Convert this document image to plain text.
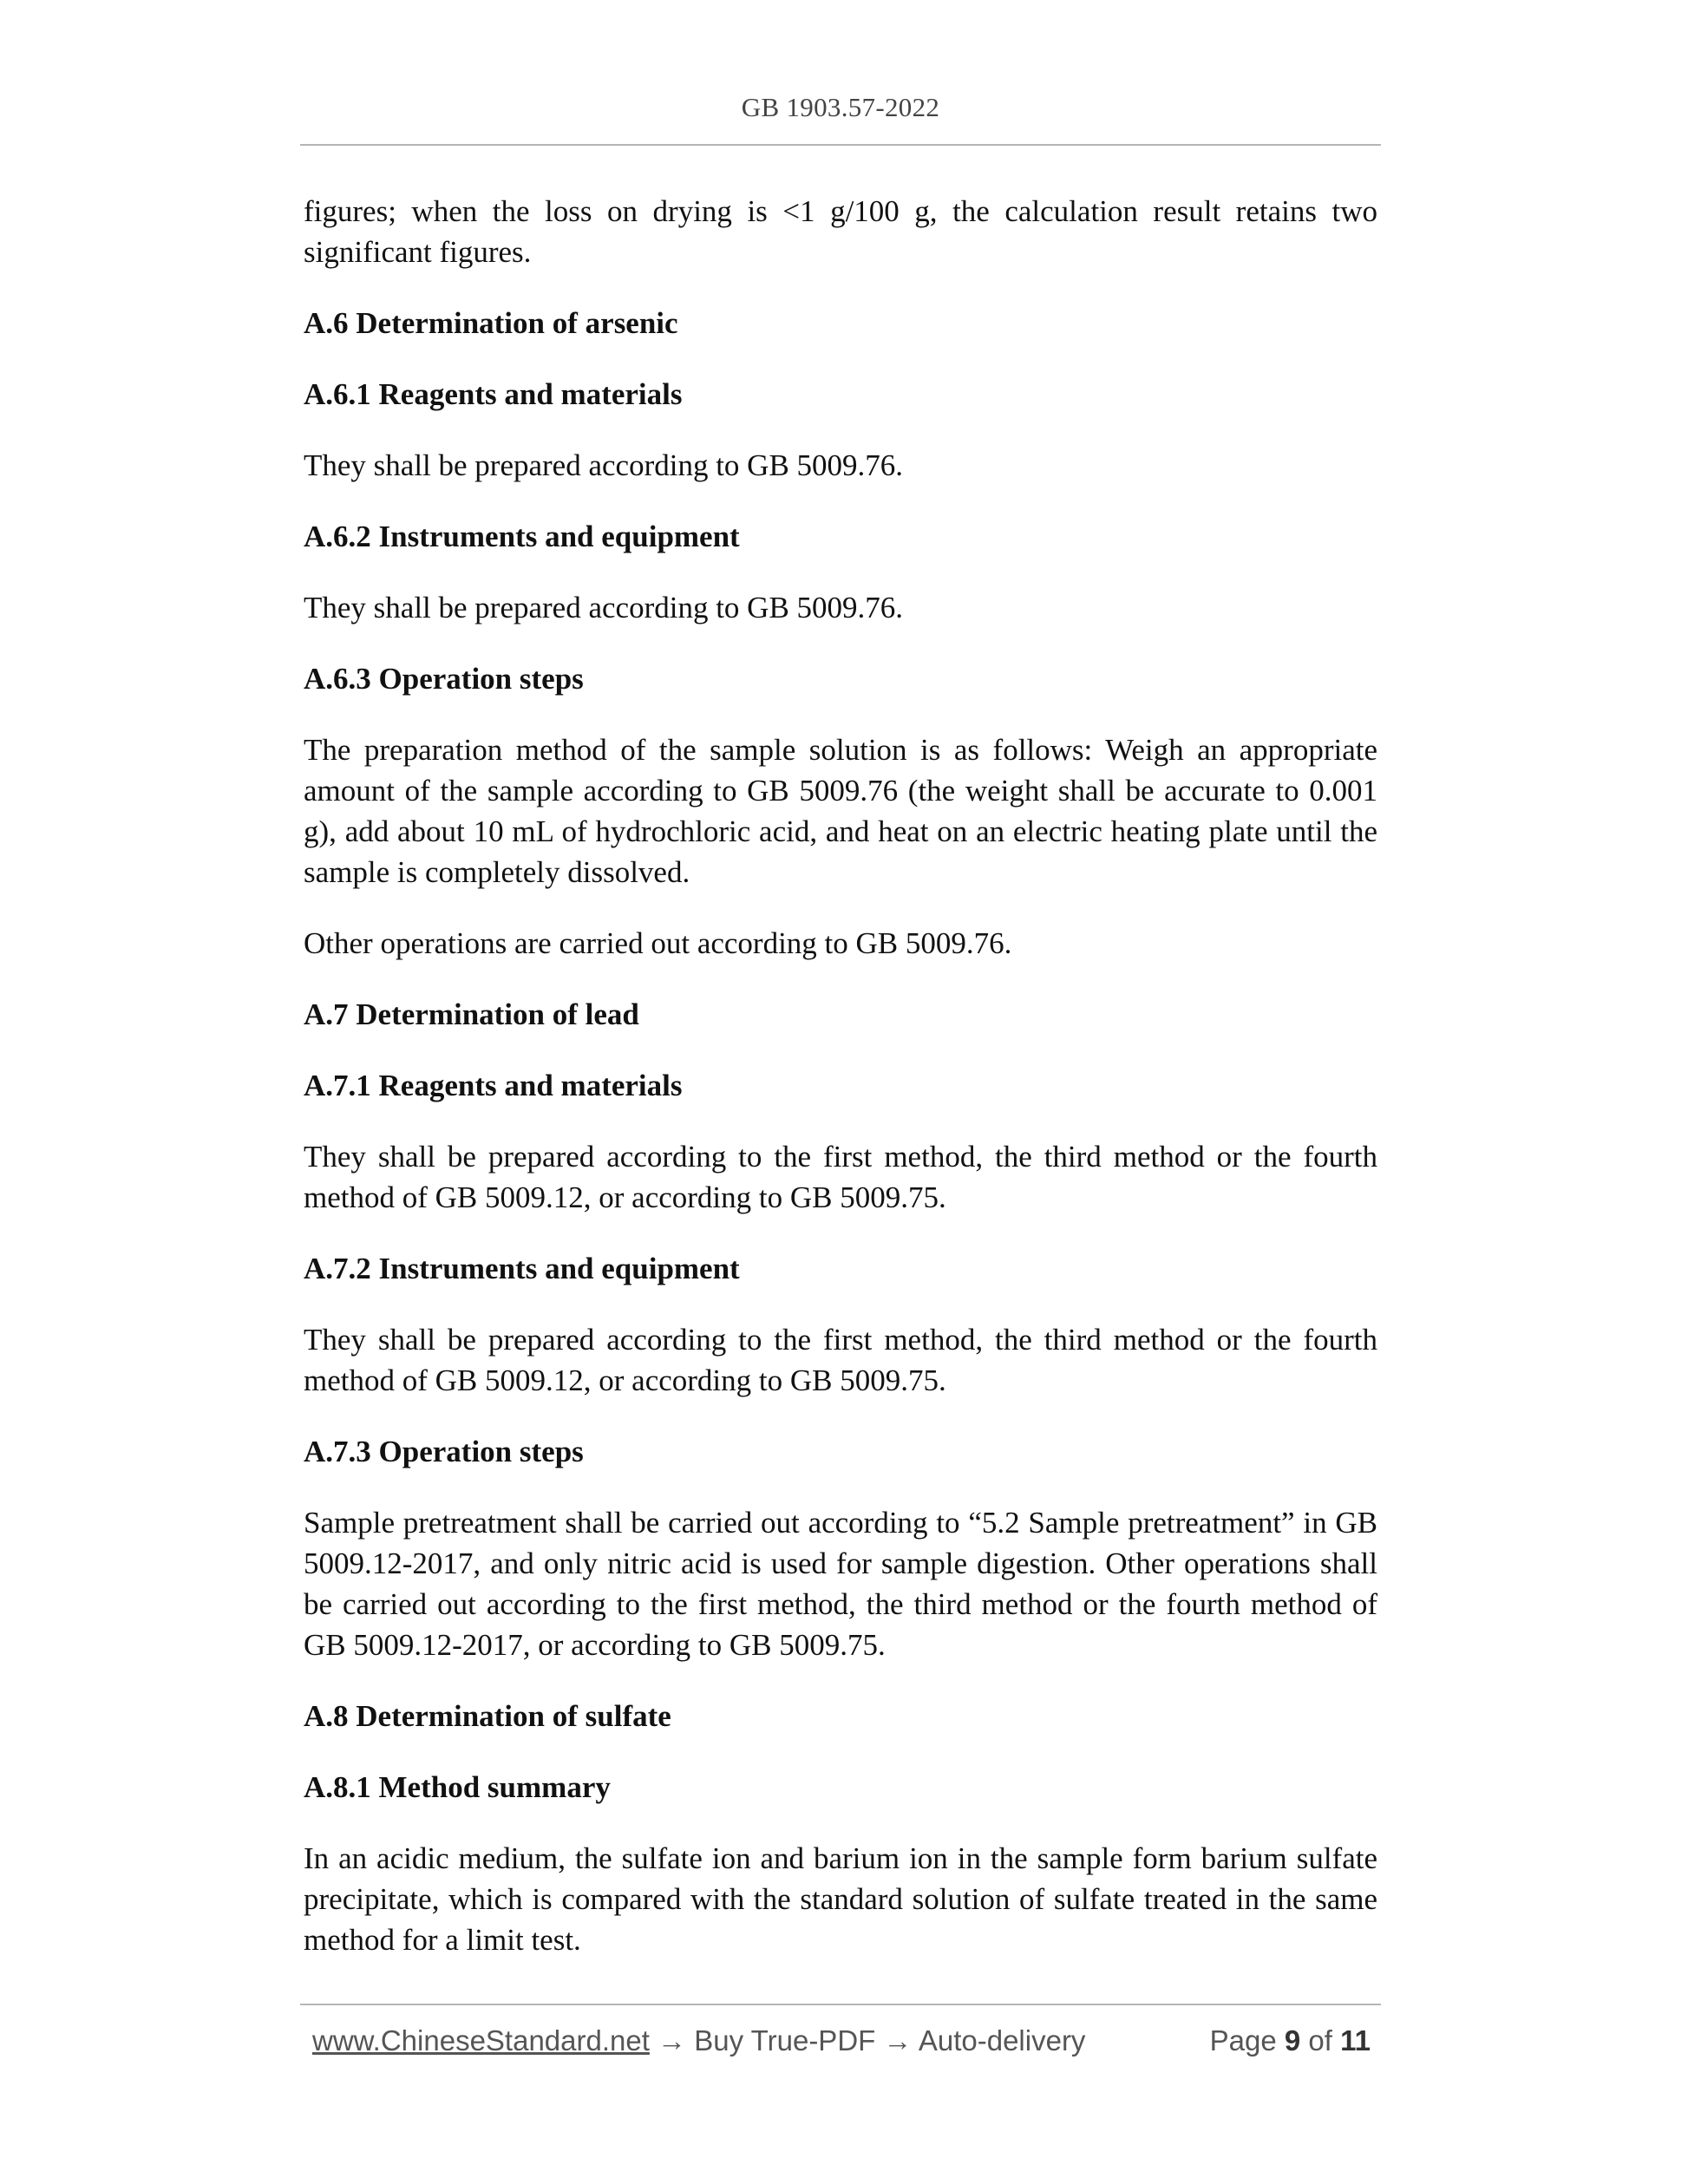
GB 1903.57-2022

figures; when the loss on drying is <1 g/100 g, the calculation result retains two significant figures.

A.6 Determination of arsenic
A.6.1 Reagents and materials

They shall be prepared according to GB 5009.76.

A.6.2 Instruments and equipment

They shall be prepared according to GB 5009.76.

A.6.3 Operation steps

The preparation method of the sample solution is as follows: Weigh an appropriate amount of the sample according to GB 5009.76 (the weight shall be accurate to 0.001 g), add about 10 mL of hydrochloric acid, and heat on an electric heating plate until the sample is completely dissolved.

Other operations are carried out according to GB 5009.76.

A.7 Determination of lead
A.7.1 Reagents and materials

They shall be prepared according to the first method, the third method or the fourth method of GB 5009.12, or according to GB 5009.75.

A.7.2 Instruments and equipment

They shall be prepared according to the first method, the third method or the fourth method of GB 5009.12, or according to GB 5009.75.

A.7.3 Operation steps

Sample pretreatment shall be carried out according to “5.2 Sample pretreatment” in GB 5009.12-2017, and only nitric acid is used for sample digestion. Other operations shall be carried out according to the first method, the third method or the fourth method of GB 5009.12-2017, or according to GB 5009.75.

A.8 Determination of sulfate
A.8.1 Method summary

In an acidic medium, the sulfate ion and barium ion in the sample form barium sulfate precipitate, which is compared with the standard solution of sulfate treated in the same method for a limit test.

www.ChineseStandard.net → Buy True-PDF → Auto-delivery	Page 9 of 11
